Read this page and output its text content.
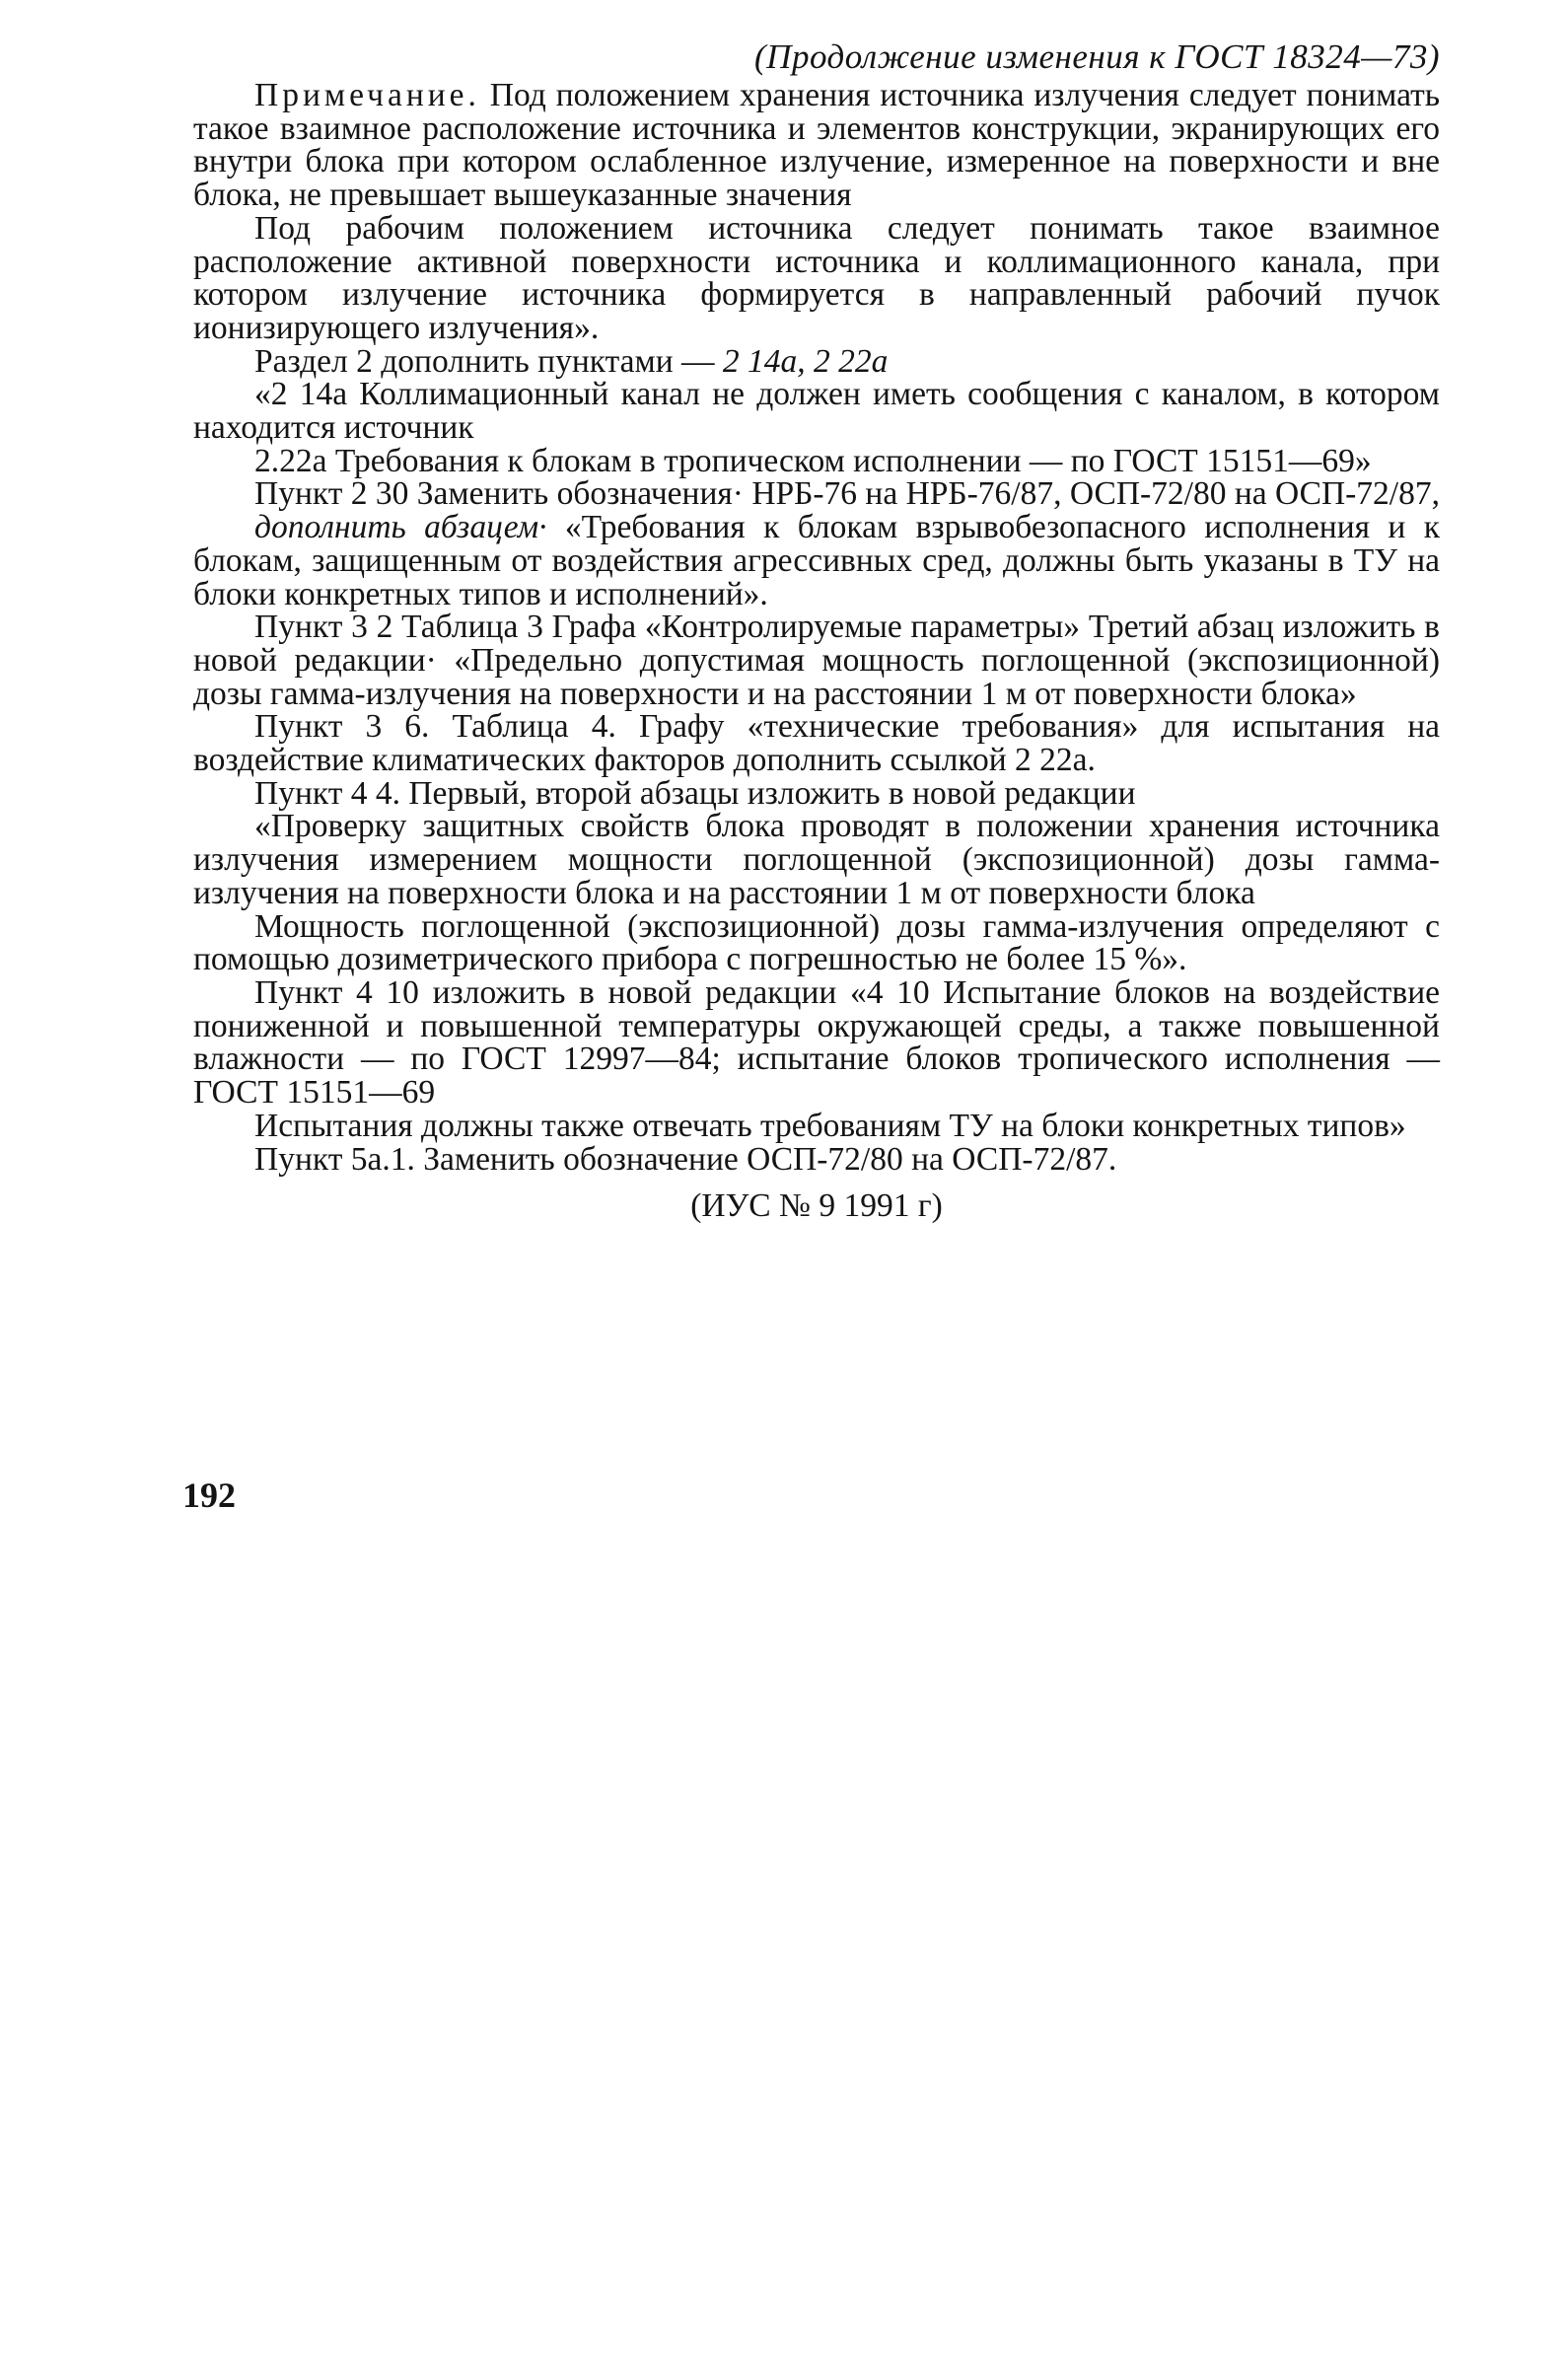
(Продолжение изменения к ГОСТ 18324—73)

Примечание. Под положением хранения источника излучения следует понимать такое взаимное расположение источника и элементов конструкции, экранирующих его внутри блока при котором ослабленное излучение, измеренное на поверхности и вне блока, не превышает вышеуказанные значения

Под рабочим положением источника следует понимать такое взаимное расположение активной поверхности источника и коллимационного канала, при котором излучение источника формируется в направленный рабочий пучок ионизирующего излучения».

Раздел 2 дополнить пунктами — 2 14а, 2 22а

«2 14а Коллимационный канал не должен иметь сообщения с каналом, в котором находится источник

2.22а Требования к блокам в тропическом исполнении — по ГОСТ 15151—69»

Пункт 2 30 Заменить обозначения· НРБ-76 на НРБ-76/87, ОСП-72/80 на ОСП-72/87,

дополнить абзацем· «Требования к блокам взрывобезопасного исполнения и к блокам, защищенным от воздействия агрессивных сред, должны быть указаны в ТУ на блоки конкретных типов и исполнений».

Пункт 3 2 Таблица 3 Графа «Контролируемые параметры» Третий абзац изложить в новой редакции· «Предельно допустимая мощность поглощенной (экспозиционной) дозы гамма-излучения на поверхности и на расстоянии 1 м от поверхности блока»

Пункт 3 6. Таблица 4. Графу «технические требования» для испытания на воздействие климатических факторов дополнить ссылкой 2 22а.

Пункт 4 4. Первый, второй абзацы изложить в новой редакции

«Проверку защитных свойств блока проводят в положении хранения источника излучения измерением мощности поглощенной (экспозиционной) дозы гамма-излучения на поверхности блока и на расстоянии 1 м от поверхности блока

Мощность поглощенной (экспозиционной) дозы гамма-излучения определяют с помощью дозиметрического прибора с погрешностью не более 15 %».

Пункт 4 10 изложить в новой редакции «4 10 Испытание блоков на воздействие пониженной и повышенной температуры окружающей среды, а также повышенной влажности — по ГОСТ 12997—84; испытание блоков тропического исполнения — ГОСТ 15151—69

Испытания должны также отвечать требованиям ТУ на блоки конкретных типов»

Пункт 5а.1. Заменить обозначение ОСП-72/80 на ОСП-72/87.

(ИУС № 9 1991 г)

192
